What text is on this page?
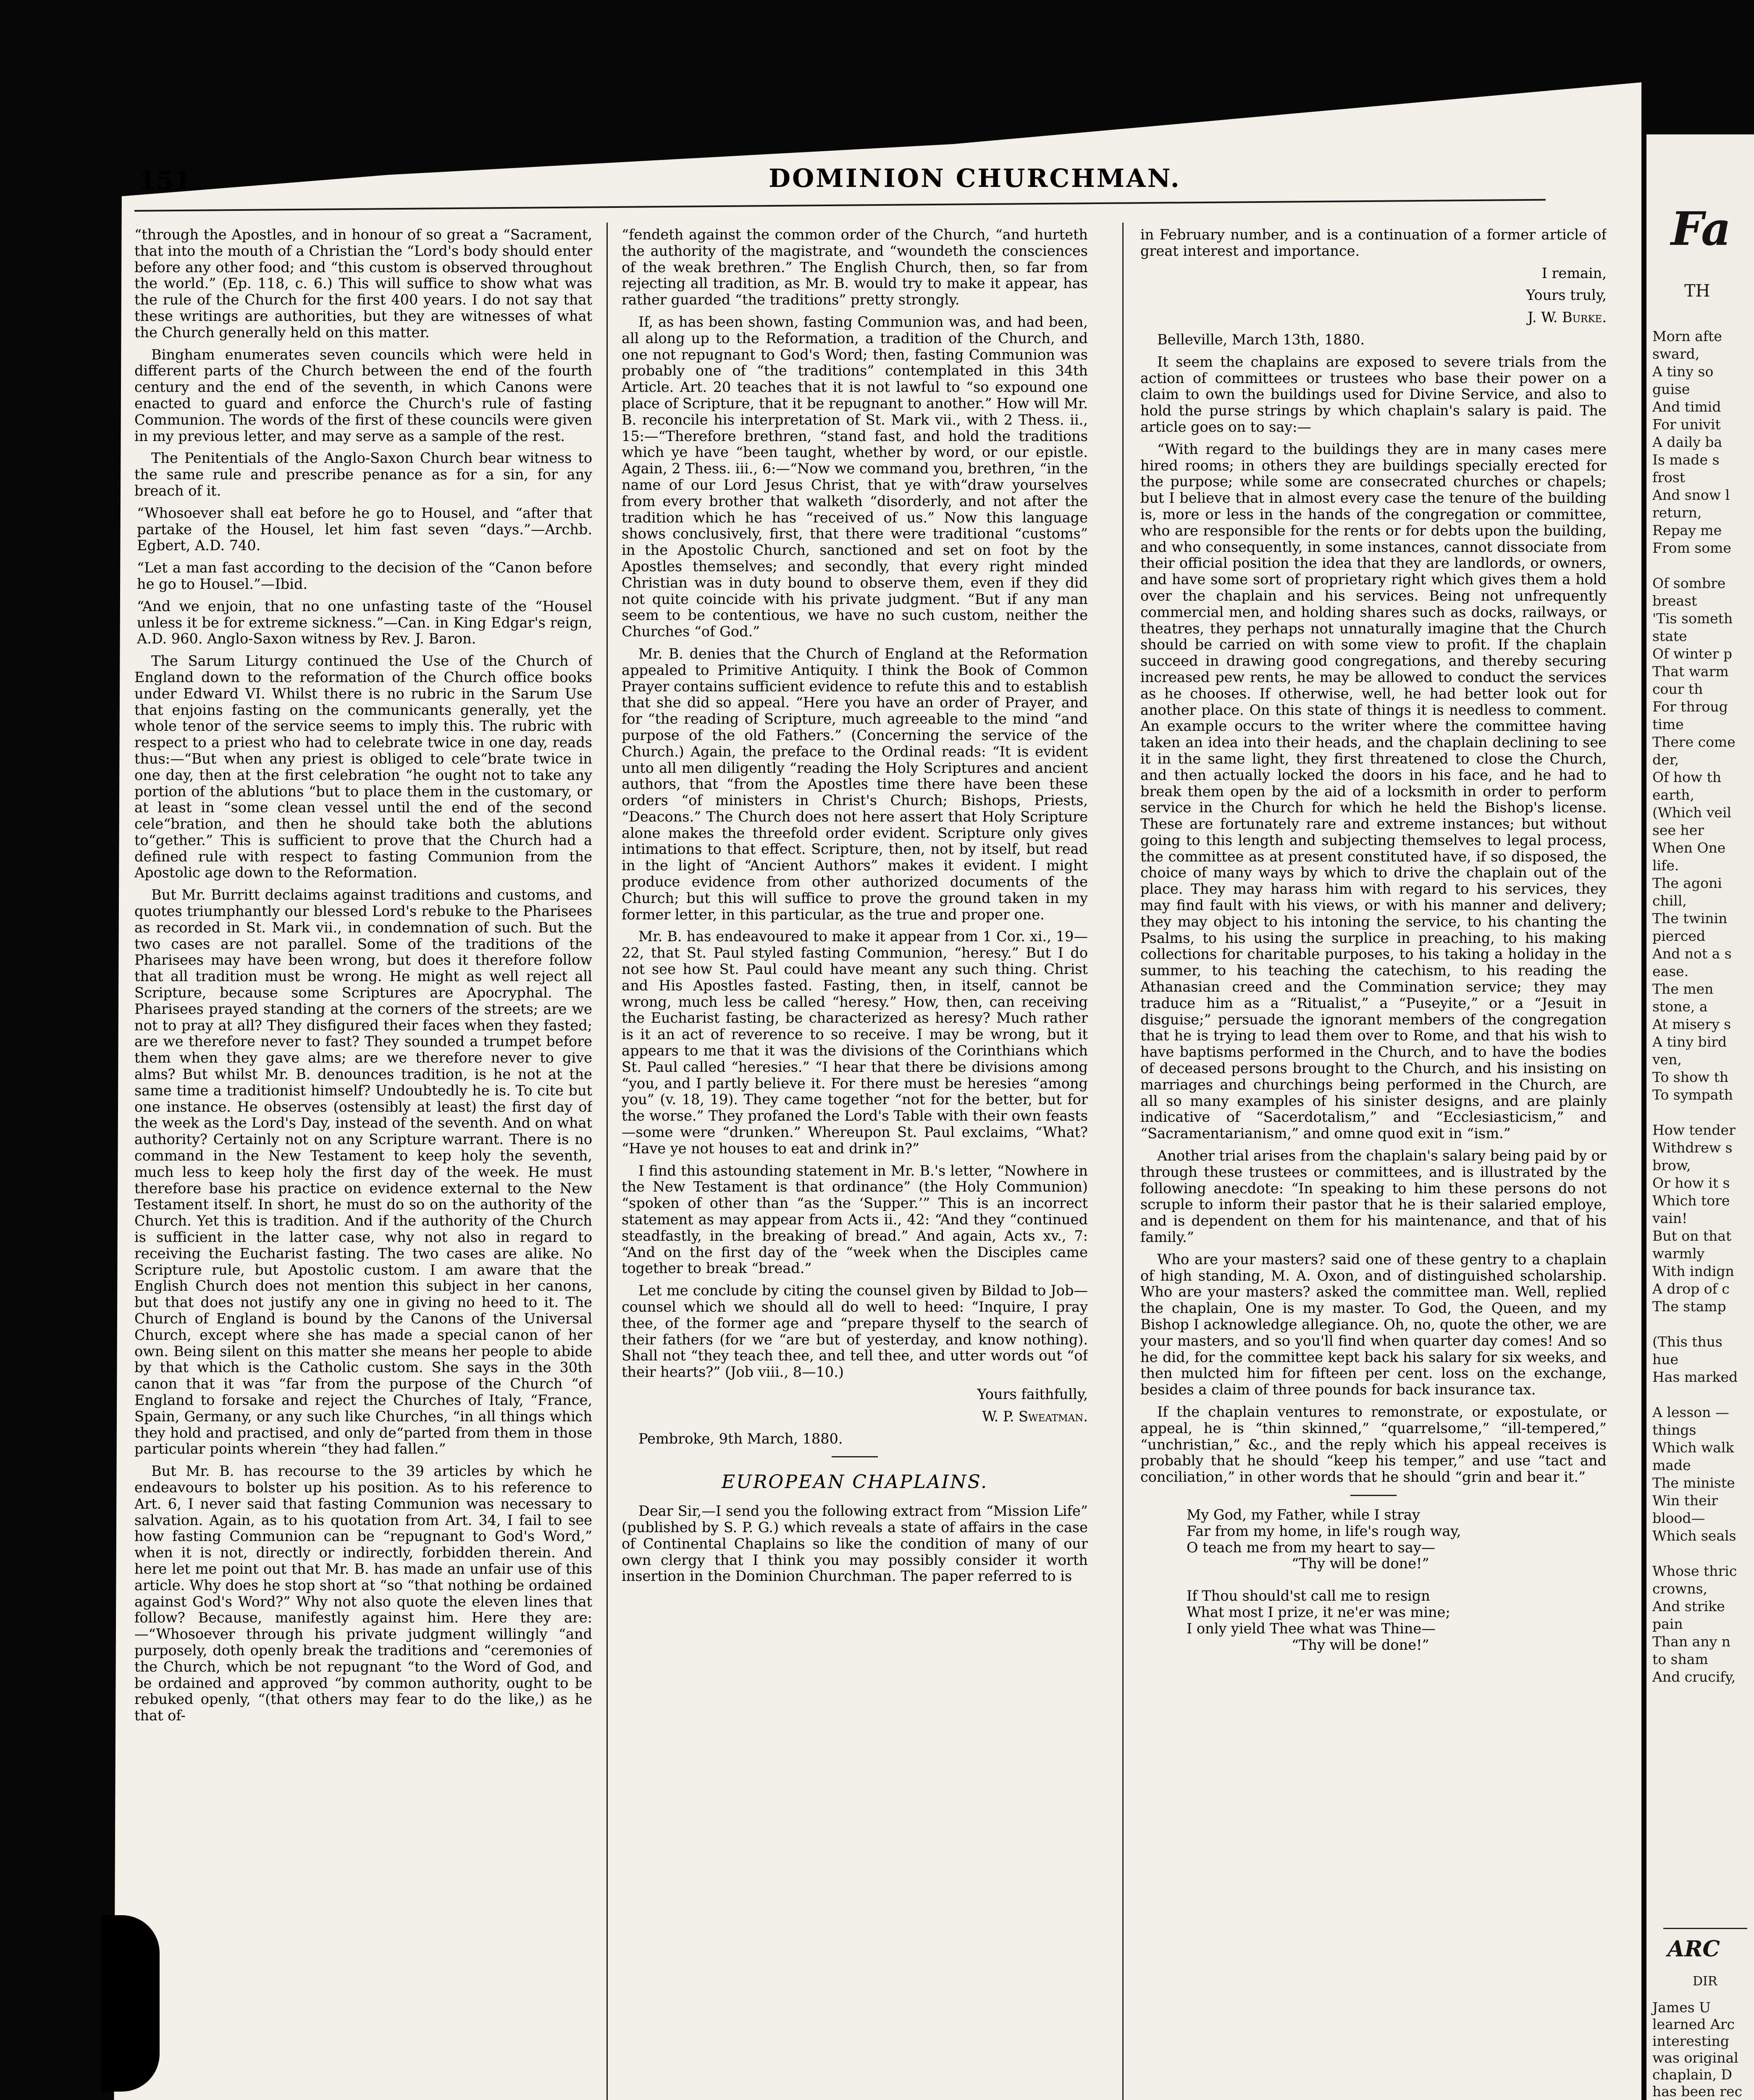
Fa
TH
Morn afte
sward,
A tiny so
guise
And timid
For univit
A daily ba
Is made s
frost
And snow l
return,
Repay me
From some

Of sombre
breast
'Tis someth
state
Of winter p
That warm
cour th
For throug
time
There come
der,
Of how th
earth,
(Which veil
see her
When One
life.
The agoni
chill,
The twinin
pierced
And not a s
ease.
The men
stone, a
At misery s
A tiny bird
ven,
To show th
To sympath

How tender
Withdrew s
brow,
Or how it s
Which tore
vain!
But on that
warmly
With indign
A drop of c
The stamp

(This thus
hue
Has marked

A lesson —
things
Which walk
made
The ministe
Win their
blood—
Which seals

Whose thric
crowns,
And strike
pain
Than any n
to sham
And crucify,
ARC
DIR
James U
learned Arc
interesting
was original
chaplain, D
has been rec
151	DOMINION CHURCHMAN.

“through the Apostles, and in honour of so great a “Sacrament, that into the mouth of a Christian the “Lord's body should enter before any other food; and “this custom is observed throughout the world.” (Ep. 118, c. 6.) This will suffice to show what was the rule of the Church for the first 400 years. I do not say that these writings are authorities, but they are witnesses of what the Church generally held on this matter.

Bingham enumerates seven councils which were held in different parts of the Church between the end of the fourth century and the end of the seventh, in which Canons were enacted to guard and enforce the Church's rule of fasting Communion. The words of the first of these councils were given in my previous letter, and may serve as a sample of the rest.

The Penitentials of the Anglo-Saxon Church bear witness to the same rule and prescribe penance as for a sin, for any breach of it.

“Whosoever shall eat before he go to Housel, and “after that partake of the Housel, let him fast seven “days.”—Archb. Egbert, A.D. 740.

“Let a man fast according to the decision of the “Canon before he go to Housel.”—Ibid.

“And we enjoin, that no one unfasting taste of the “Housel unless it be for extreme sickness.”—Can. in King Edgar's reign, A.D. 960. Anglo-Saxon witness by Rev. J. Baron.

The Sarum Liturgy continued the Use of the Church of England down to the reformation of the Church office books under Edward VI. Whilst there is no rubric in the Sarum Use that enjoins fasting on the communicants generally, yet the whole tenor of the service seems to imply this. The rubric with respect to a priest who had to celebrate twice in one day, reads thus:—“But when any priest is obliged to cele“brate twice in one day, then at the first celebration “he ought not to take any portion of the ablutions “but to place them in the customary, or at least in “some clean vessel until the end of the second cele“bration, and then he should take both the ablutions to“gether.” This is sufficient to prove that the Church had a defined rule with respect to fasting Communion from the Apostolic age down to the Reformation.

But Mr. Burritt declaims against traditions and customs, and quotes triumphantly our blessed Lord's rebuke to the Pharisees as recorded in St. Mark vii., in condemnation of such. But the two cases are not parallel. Some of the traditions of the Pharisees may have been wrong, but does it therefore follow that all tradition must be wrong. He might as well reject all Scripture, because some Scriptures are Apocryphal. The Pharisees prayed standing at the corners of the streets; are we not to pray at all? They disfigured their faces when they fasted; are we therefore never to fast? They sounded a trumpet before them when they gave alms; are we therefore never to give alms? But whilst Mr. B. denounces tradition, is he not at the same time a traditionist himself? Undoubtedly he is. To cite but one instance. He observes (ostensibly at least) the first day of the week as the Lord's Day, instead of the seventh. And on what authority? Certainly not on any Scripture warrant. There is no command in the New Testament to keep holy the seventh, much less to keep holy the first day of the week. He must therefore base his practice on evidence external to the New Testament itself. In short, he must do so on the authority of the Church. Yet this is tradition. And if the authority of the Church is sufficient in the latter case, why not also in regard to receiving the Eucharist fasting. The two cases are alike. No Scripture rule, but Apostolic custom. I am aware that the English Church does not mention this subject in her canons, but that does not justify any one in giving no heed to it. The Church of England is bound by the Canons of the Universal Church, except where she has made a special canon of her own. Being silent on this matter she means her people to abide by that which is the Catholic custom. She says in the 30th canon that it was “far from the purpose of the Church “of England to forsake and reject the Churches of Italy, “France, Spain, Germany, or any such like Churches, “in all things which they hold and practised, and only de“parted from them in those particular points wherein “they had fallen.”

But Mr. B. has recourse to the 39 articles by which he endeavours to bolster up his position. As to his reference to Art. 6, I never said that fasting Communion was necessary to salvation. Again, as to his quotation from Art. 34, I fail to see how fasting Communion can be “repugnant to God's Word,” when it is not, directly or indirectly, forbidden therein. And here let me point out that Mr. B. has made an unfair use of this article. Why does he stop short at “so “that nothing be ordained against God's Word?” Why not also quote the eleven lines that follow? Because, manifestly against him. Here they are:—“Whosoever through his private judgment willingly “and purposely, doth openly break the traditions and “ceremonies of the Church, which be not repugnant “to the Word of God, and be ordained and approved “by common authority, ought to be rebuked openly, “(that others may fear to do the like,) as he that of-

“fendeth against the common order of the Church, “and hurteth the authority of the magistrate, and “woundeth the consciences of the weak brethren.” The English Church, then, so far from rejecting all tradition, as Mr. B. would try to make it appear, has rather guarded “the traditions” pretty strongly.

If, as has been shown, fasting Communion was, and had been, all along up to the Reformation, a tradition of the Church, and one not repugnant to God's Word; then, fasting Communion was probably one of “the traditions” contemplated in this 34th Article. Art. 20 teaches that it is not lawful to “so expound one place of Scripture, that it be repugnant to another.” How will Mr. B. reconcile his interpretation of St. Mark vii., with 2 Thess. ii., 15:—“Therefore brethren, “stand fast, and hold the traditions which ye have “been taught, whether by word, or our epistle. Again, 2 Thess. iii., 6:—“Now we command you, brethren, “in the name of our Lord Jesus Christ, that ye with“draw yourselves from every brother that walketh “disorderly, and not after the tradition which he has “received of us.” Now this language shows conclusively, first, that there were traditional “customs” in the Apostolic Church, sanctioned and set on foot by the Apostles themselves; and secondly, that every right minded Christian was in duty bound to observe them, even if they did not quite coincide with his private judgment. “But if any man seem to be contentious, we have no such custom, neither the Churches “of God.”

Mr. B. denies that the Church of England at the Reformation appealed to Primitive Antiquity. I think the Book of Common Prayer contains sufficient evidence to refute this and to establish that she did so appeal. “Here you have an order of Prayer, and for “the reading of Scripture, much agreeable to the mind “and purpose of the old Fathers.” (Concerning the service of the Church.) Again, the preface to the Ordinal reads: “It is evident unto all men diligently “reading the Holy Scriptures and ancient authors, that “from the Apostles time there have been these orders “of ministers in Christ's Church; Bishops, Priests, “Deacons.” The Church does not here assert that Holy Scripture alone makes the threefold order evident. Scripture only gives intimations to that effect. Scripture, then, not by itself, but read in the light of “Ancient Authors” makes it evident. I might produce evidence from other authorized documents of the Church; but this will suffice to prove the ground taken in my former letter, in this particular, as the true and proper one.

Mr. B. has endeavoured to make it appear from 1 Cor. xi., 19—22, that St. Paul styled fasting Communion, “heresy.” But I do not see how St. Paul could have meant any such thing. Christ and His Apostles fasted. Fasting, then, in itself, cannot be wrong, much less be called “heresy.” How, then, can receiving the Eucharist fasting, be characterized as heresy? Much rather is it an act of reverence to so receive. I may be wrong, but it appears to me that it was the divisions of the Corinthians which St. Paul called “heresies.” “I hear that there be divisions among “you, and I partly believe it. For there must be heresies “among you” (v. 18, 19). They came together “not for the better, but for the worse.” They profaned the Lord's Table with their own feasts—some were “drunken.” Whereupon St. Paul exclaims, “What? “Have ye not houses to eat and drink in?”

I find this astounding statement in Mr. B.'s letter, “Nowhere in the New Testament is that ordinance” (the Holy Communion) “spoken of other than “as the ‘Supper.’” This is an incorrect statement as may appear from Acts ii., 42: “And they “continued steadfastly, in the breaking of bread.” And again, Acts xv., 7: “And on the first day of the “week when the Disciples came together to break “bread.”

Let me conclude by citing the counsel given by Bildad to Job—counsel which we should all do well to heed: “Inquire, I pray thee, of the former age and “prepare thyself to the search of their fathers (for we “are but of yesterday, and know nothing). Shall not “they teach thee, and tell thee, and utter words out “of their hearts?” (Job viii., 8—10.)

Yours faithfully,

W. P. Sweatman.

Pembroke, 9th March, 1880.

EUROPEAN CHAPLAINS.

Dear Sir,—I send you the following extract from “Mission Life” (published by S. P. G.) which reveals a state of affairs in the case of Continental Chaplains so like the condition of many of our own clergy that I think you may possibly consider it worth insertion in the Dominion Churchman. The paper referred to is

in February number, and is a continuation of a former article of great interest and importance.

I remain,

Yours truly,

J. W. Burke.

Belleville, March 13th, 1880.

It seem the chaplains are exposed to severe trials from the action of committees or trustees who base their power on a claim to own the buildings used for Divine Service, and also to hold the purse strings by which chaplain's salary is paid. The article goes on to say:—

“With regard to the buildings they are in many cases mere hired rooms; in others they are buildings specially erected for the purpose; while some are consecrated churches or chapels; but I believe that in almost every case the tenure of the building is, more or less in the hands of the congregation or committee, who are responsible for the rents or for debts upon the building, and who consequently, in some instances, cannot dissociate from their official position the idea that they are landlords, or owners, and have some sort of proprietary right which gives them a hold over the chaplain and his services. Being not unfrequently commercial men, and holding shares such as docks, railways, or theatres, they perhaps not unnaturally imagine that the Church should be carried on with some view to profit. If the chaplain succeed in drawing good congregations, and thereby securing increased pew rents, he may be allowed to conduct the services as he chooses. If otherwise, well, he had better look out for another place. On this state of things it is needless to comment. An example occurs to the writer where the committee having taken an idea into their heads, and the chaplain declining to see it in the same light, they first threatened to close the Church, and then actually locked the doors in his face, and he had to break them open by the aid of a locksmith in order to perform service in the Church for which he held the Bishop's license. These are fortunately rare and extreme instances; but without going to this length and subjecting themselves to legal process, the committee as at present constituted have, if so disposed, the choice of many ways by which to drive the chaplain out of the place. They may harass him with regard to his services, they may find fault with his views, or with his manner and delivery; they may object to his intoning the service, to his chanting the Psalms, to his using the surplice in preaching, to his making collections for charitable purposes, to his taking a holiday in the summer, to his teaching the catechism, to his reading the Athanasian creed and the Commination service; they may traduce him as a “Ritualist,” a “Puseyite,” or a “Jesuit in disguise;” persuade the ignorant members of the congregation that he is trying to lead them over to Rome, and that his wish to have baptisms performed in the Church, and to have the bodies of deceased persons brought to the Church, and his insisting on marriages and churchings being performed in the Church, are all so many examples of his sinister designs, and are plainly indicative of “Sacerdotalism,” and “Ecclesiasticism,” and “Sacramentarianism,” and omne quod exit in “ism.”

Another trial arises from the chaplain's salary being paid by or through these trustees or committees, and is illustrated by the following anecdote: “In speaking to him these persons do not scruple to inform their pastor that he is their salaried employe, and is dependent on them for his maintenance, and that of his family.”

Who are your masters? said one of these gentry to a chaplain of high standing, M. A. Oxon, and of distinguished scholarship. Who are your masters? asked the committee man. Well, replied the chaplain, One is my master. To God, the Queen, and my Bishop I acknowledge allegiance. Oh, no, quote the other, we are your masters, and so you'll find when quarter day comes! And so he did, for the committee kept back his salary for six weeks, and then mulcted him for fifteen per cent. loss on the exchange, besides a claim of three pounds for back insurance tax.

If the chaplain ventures to remonstrate, or expostulate, or appeal, he is “thin skinned,” “quarrelsome,” “ill-tempered,” “unchristian,” &c., and the reply which his appeal receives is probably that he should “keep his temper,” and use “tact and conciliation,” in other words that he should “grin and bear it.”

My God, my Father, while I stray
Far from my home, in life's rough way,
O teach me from my heart to say—
“Thy will be done!”
If Thou should'st call me to resign
What most I prize, it ne'er was mine;
I only yield Thee what was Thine—
“Thy will be done!”
